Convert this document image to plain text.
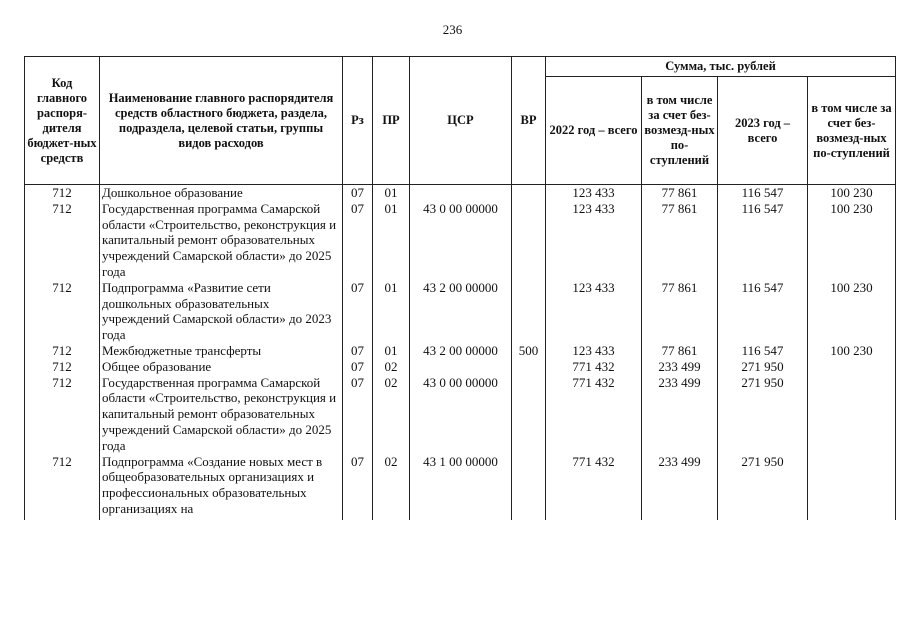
236
Код главного распоря-дителя бюджет-ных средств	Наименование главного распорядителя средств областного бюджета, раздела, подраздела, целевой статьи, группы видов расходов	Рз	ПР	ЦСР	ВР	Сумма, тыс. рублей			
						2022 год – всего	в том числе за счет без-возмезд-ных по-ступлений	2023 год – всего	в том числе за счет без-возмезд-ных по-ступлений
712	Дошкольное образование	07	01			123 433	77 861	116 547	100 230
712	Государственная программа Самарской области «Строительство, реконструкция и капитальный ремонт образовательных учреждений Самарской области» до 2025 года	07	01	43 0 00 00000		123 433	77 861	116 547	100 230
712	Подпрограмма «Развитие сети дошкольных образовательных учреждений Самарской области» до 2023 года	07	01	43 2 00 00000		123 433	77 861	116 547	100 230
712	Межбюджетные трансферты	07	01	43 2 00 00000	500	123 433	77 861	116 547	100 230
712	Общее образование	07	02			771 432	233 499	271 950	
712	Государственная программа Самарской области «Строительство, реконструкция и капитальный ремонт образовательных учреждений Самарской области» до 2025 года	07	02	43 0 00 00000		771 432	233 499	271 950	
712	Подпрограмма «Создание новых мест в общеобразовательных организациях и профессиональных образовательных организациях на	07	02	43 1 00 00000		771 432	233 499	271 950	
